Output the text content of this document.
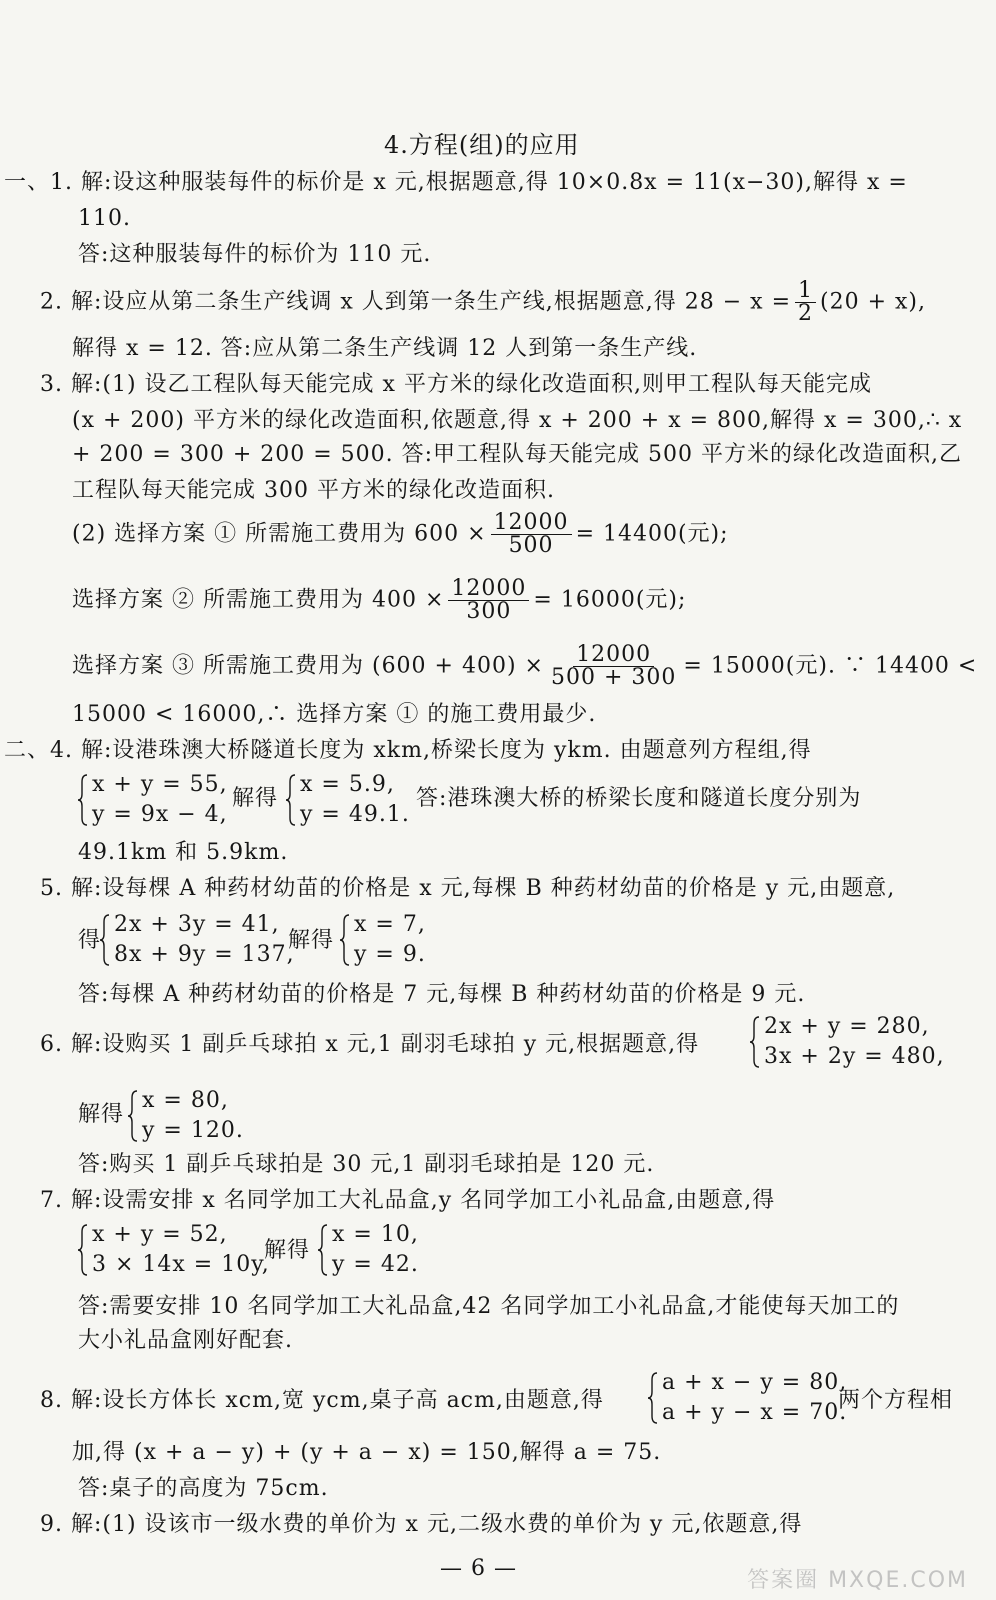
4.方程(组)的应用
一、1. 解:设这种服装每件的标价是 x 元,根据题意,得 10×0.8x = 11(x−30),解得 x =
110.
答:这种服装每件的标价为 110 元.
2. 解:设应从第二条生产线调 x 人到第一条生产线,根据题意,得 $28 - x = \frac{1}{2} (20 + x)$,
解得 x = 12. 答:应从第二条生产线调 12 人到第一条生产线.
3. 解:(1) 设乙工程队每天能完成 x 平方米的绿化改造面积,则甲工程队每天能完成
(x + 200) 平方米的绿化改造面积,依题意,得 x + 200 + x = 800,解得 x = 300,∴ x
+ 200 = 300 + 200 = 500. 答:甲工程队每天能完成 500 平方米的绿化改造面积,乙
工程队每天能完成 300 平方米的绿化改造面积.
(2) 选择方案 ① 所需施工费用为 $600 \times \frac{12000}{500} = 14400$(元);
选择方案 ② 所需施工费用为 $400 \times \frac{12000}{300} = 16000$(元);
选择方案 ③ 所需施工费用为 $(600 + 400) \times \frac{12000}{500 + 300} = 15000$(元). ∵ 14400 <
15000 < 16000,∴ 选择方案 ① 的施工费用最少.
二、4. 解:设港珠澳大桥隧道长度为 xkm,桥梁长度为 ykm. 由题意列方程组,得
x + y = 55,
y = 9x − 4,
解得
x = 5.9,
y = 49.1.
答:港珠澳大桥的桥梁长度和隧道长度分别为
49.1km 和 5.9km.
5. 解:设每棵 A 种药材幼苗的价格是 x 元,每棵 B 种药材幼苗的价格是 y 元,由题意,
得
2x + 3y = 41,
8x + 9y = 137,
解得
x = 7,
y = 9.
答:每棵 A 种药材幼苗的价格是 7 元,每棵 B 种药材幼苗的价格是 9 元.
6. 解:设购买 1 副乒乓球拍 x 元,1 副羽毛球拍 y 元,根据题意,得
2x + y = 280,
3x + 2y = 480,
解得
x = 80,
y = 120.
答:购买 1 副乒乓球拍是 30 元,1 副羽毛球拍是 120 元.
7. 解:设需安排 x 名同学加工大礼品盒,y 名同学加工小礼品盒,由题意,得
x + y = 52,
3 × 14x = 10y,
解得
x = 10,
y = 42.
答:需要安排 10 名同学加工大礼品盒,42 名同学加工小礼品盒,才能使每天加工的
大小礼品盒刚好配套.
8. 解:设长方体长 xcm,宽 ycm,桌子高 acm,由题意,得
a + x − y = 80,
a + y − x = 70.
两个方程相
加,得 (x + a − y) + (y + a − x) = 150,解得 a = 75.
答:桌子的高度为 75cm.
9. 解:(1) 设该市一级水费的单价为 x 元,二级水费的单价为 y 元,依题意,得
— 6 —	答案圈 MXQE.COM
